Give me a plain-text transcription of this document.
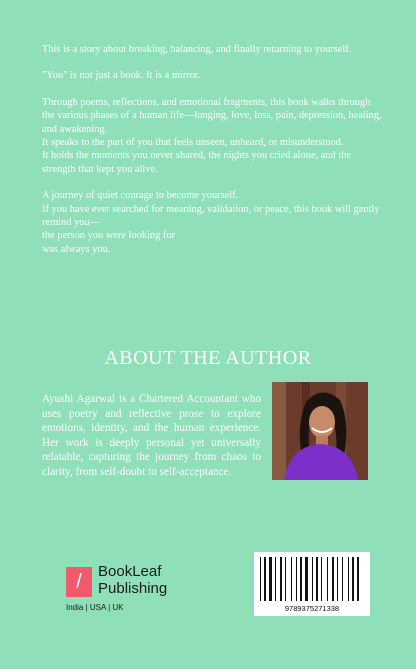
This is a story about breaking, balancing, and finally returning to yourself.

"You" is not just a book. It is a mirror.

Through poems, reflections, and emotional fragments, this book walks through the various phases of a human life—longing, love, loss, pain, depression, healing, and awakening.

It speaks to the part of you that feels unseen, unheard, or misunderstood.

It holds the moments you never shared, the nights you cried alone, and the strength that kept you alive.

A journey of quiet courage to become yourself.

If you have ever searched for meaning, validation, or peace, this book will gently remind you—

the person you were looking for

was always you.

ABOUT THE AUTHOR
Ayushi Agarwal is a Chartered Accountant who uses poetry and reflective prose to explore emotions, identity, and the human experience. Her work is deeply personal yet universally relatable, capturing the journey from chaos to clarity, from self-doubt to self-acceptance.
/	BookLeaf
Publishing
India | USA | UK	9789375271338
